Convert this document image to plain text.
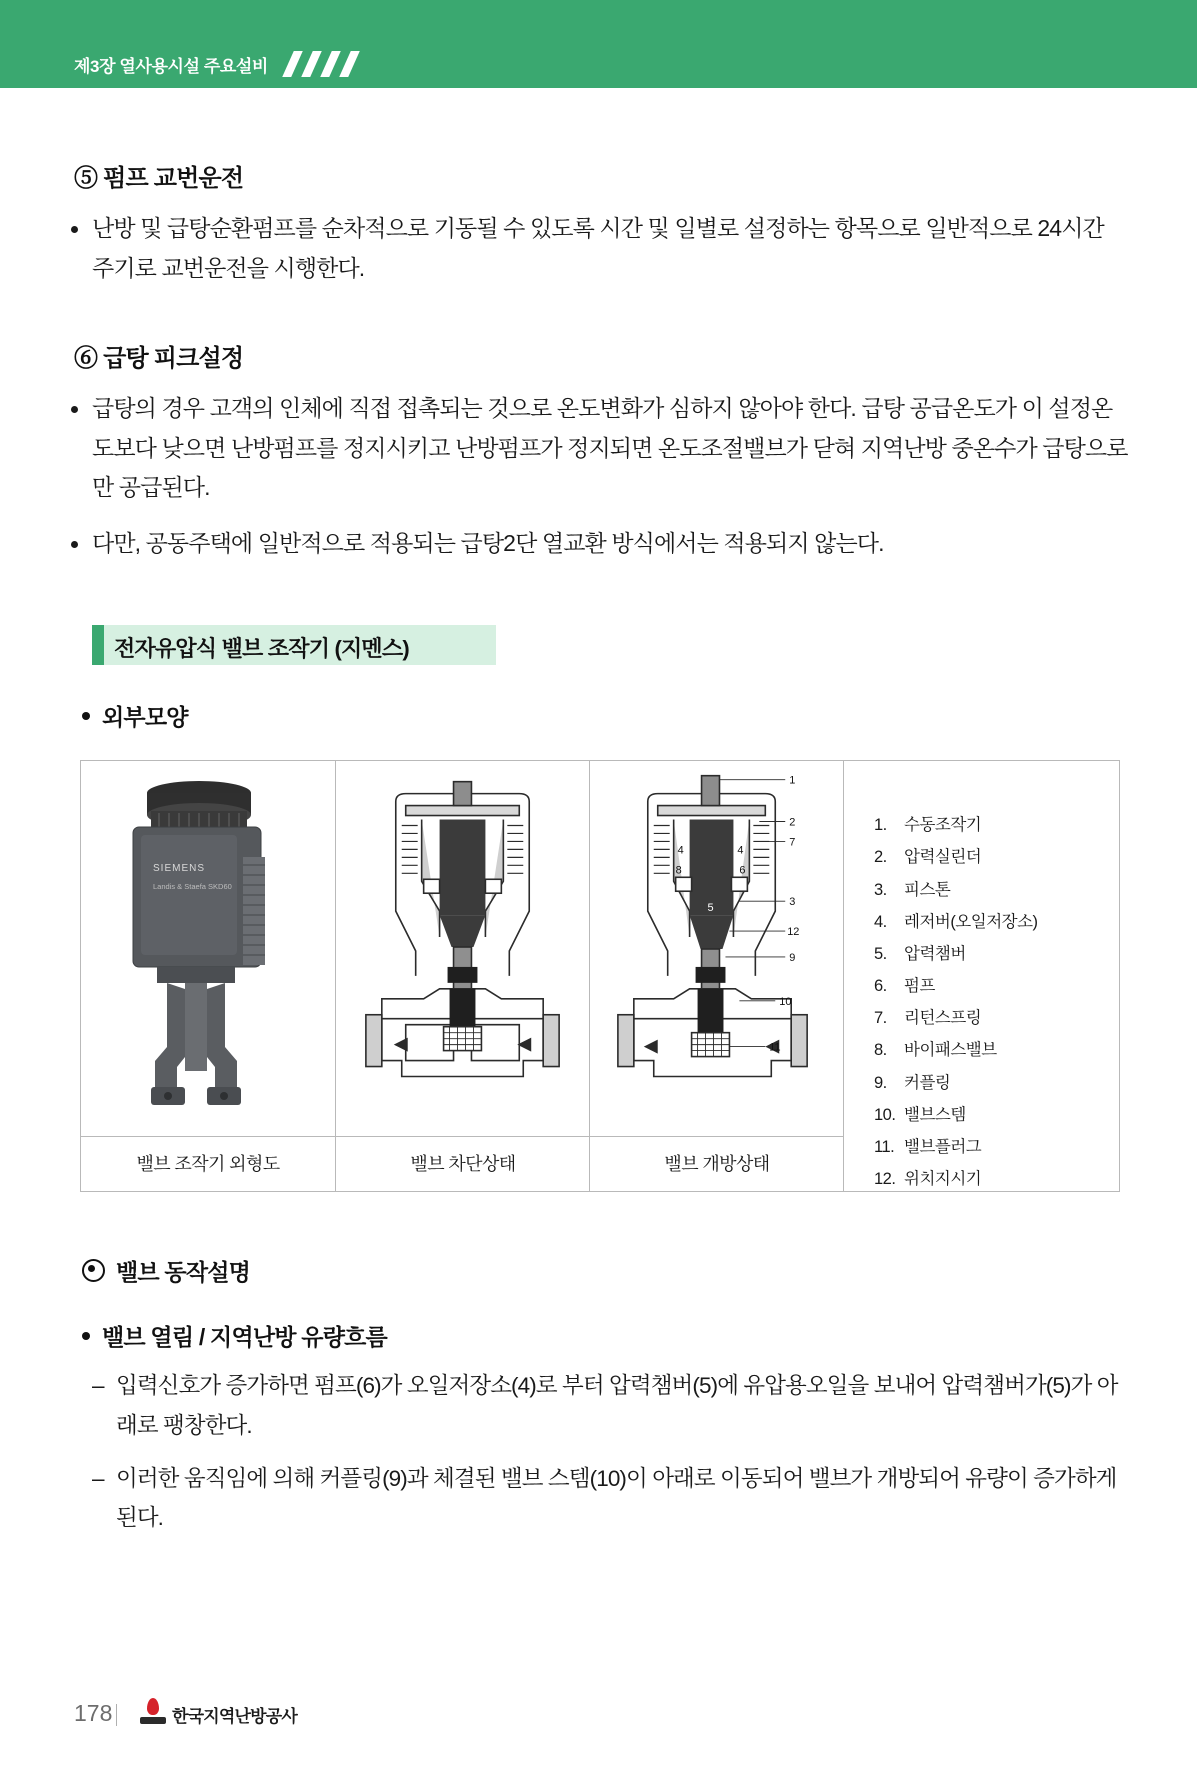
제3장 열사용시설 주요설비
⑤ 펌프 교번운전
난방 및 급탕순환펌프를 순차적으로 기동될 수 있도록 시간 및 일별로 설정하는 항목으로 일반적으로 24시간 주기로 교번운전을 시행한다.
⑥ 급탕 피크설정
급탕의 경우 고객의 인체에 직접 접촉되는 것으로 온도변화가 심하지 않아야 한다. 급탕 공급온도가 이 설정온도보다 낮으면 난방펌프를 정지시키고 난방펌프가 정지되면 온도조절밸브가 닫혀 지역난방 중온수가 급탕으로만 공급된다.
다만, 공동주택에 일반적으로 적용되는 급탕2단 열교환 방식에서는 적용되지 않는다.
전자유압식 밸브 조작기 (지멘스)
외부모양
SIEMENS
Landis & Staefa SKD60
1
2
7
3
12
9
10
11
4
8
4
6
5
1. 수동조작기
2. 압력실린더
3. 피스톤
4. 레저버(오일저장소)
5. 압력챔버
6. 펌프
7. 리턴스프링
8. 바이패스밸브
9. 커플링
10. 밸브스템
11. 밸브플러그
12. 위치지시기
밸브 조작기 외형도	밸브 차단상태	밸브 개방상태
밸브 동작설명
밸브 열림 / 지역난방 유량흐름
– 입력신호가 증가하면 펌프(6)가 오일저장소(4)로 부터 압력챔버(5)에 유압용오일을 보내어 압력챔버가(5)가 아래로 팽창한다.
– 이러한 움직임에 의해 커플링(9)과 체결된 밸브 스템(10)이 아래로 이동되어 밸브가 개방되어 유량이 증가하게 된다.
178	한국지역난방공사
